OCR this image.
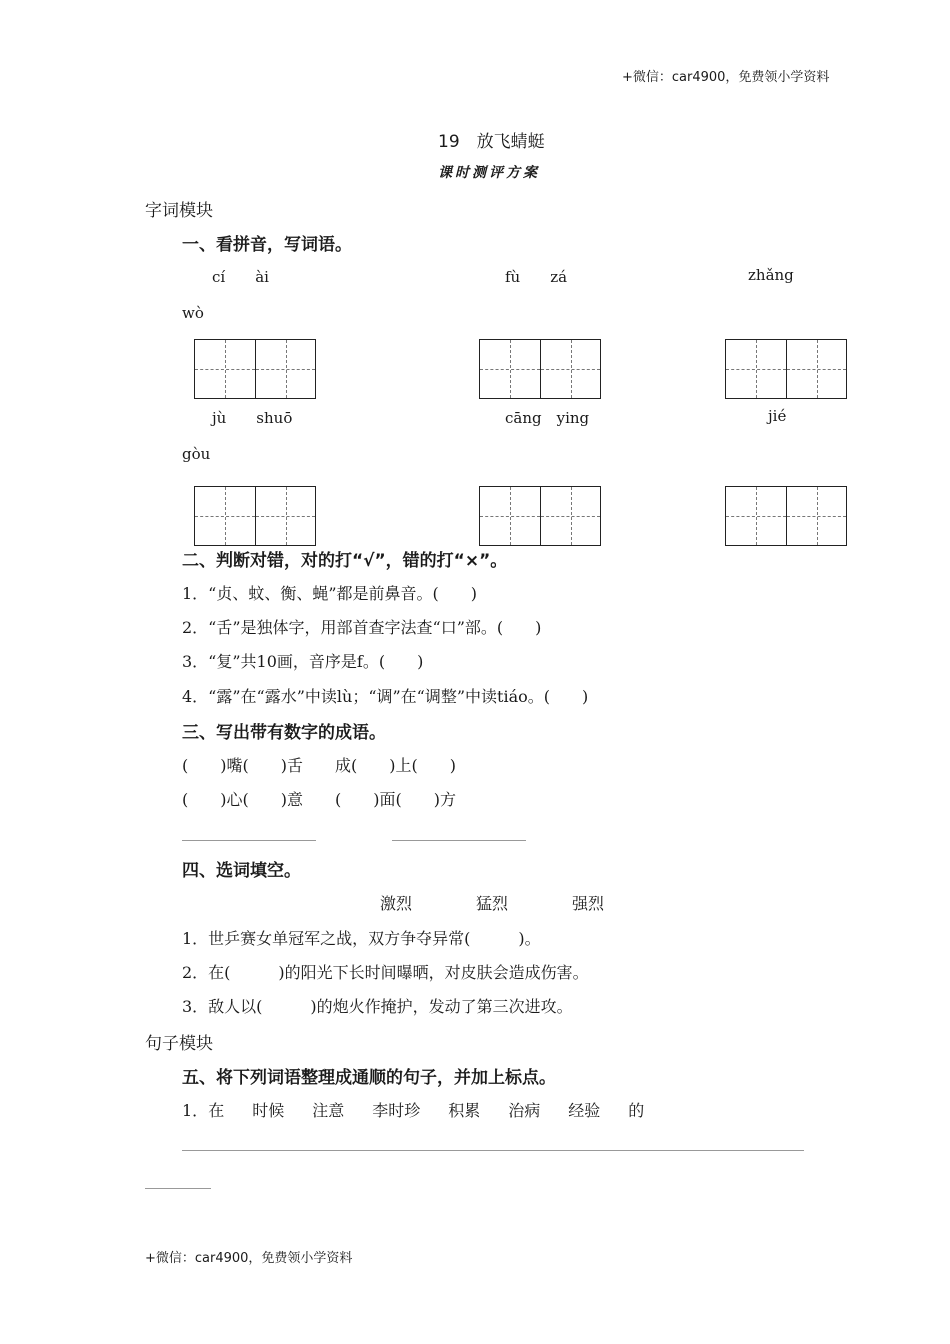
+微信：car4900，免费领小学资料
+微信：car4900，免费领小学资料
19　放飞蜻蜓
课时测评方案
字词模块
一、看拼音，写词语。
cí　　ài	fù　　zá	zhǎng
wò
jù　　shuō	cāng　ying	jié
gòu
二、判断对错，对的打“√”，错的打“×”。
1．“贞、蚊、衡、蝇”都是前鼻音。(　　)
2．“舌”是独体字，用部首查字法查“口”部。(　　)
3．“复”共10画，音序是f。(　　)
4．“露”在“露水”中读lù；“调”在“调整”中读tiáo。(　　)
三、写出带有数字的成语。
(　　)嘴(　　)舌　　成(　　)上(　　)
(　　)心(　　)意　　(　　)面(　　)方
四、选词填空。
激烈	猛烈	强烈
1．世乒赛女单冠军之战，双方争夺异常(　　　)。
2．在(　　　)的阳光下长时间曝晒，对皮肤会造成伤害。
3．敌人以(　　　)的炮火作掩护，发动了第三次进攻。
句子模块
五、将下列词语整理成通顺的句子，并加上标点。
1．在 时候 注意 李时珍 积累 治病 经验 的
